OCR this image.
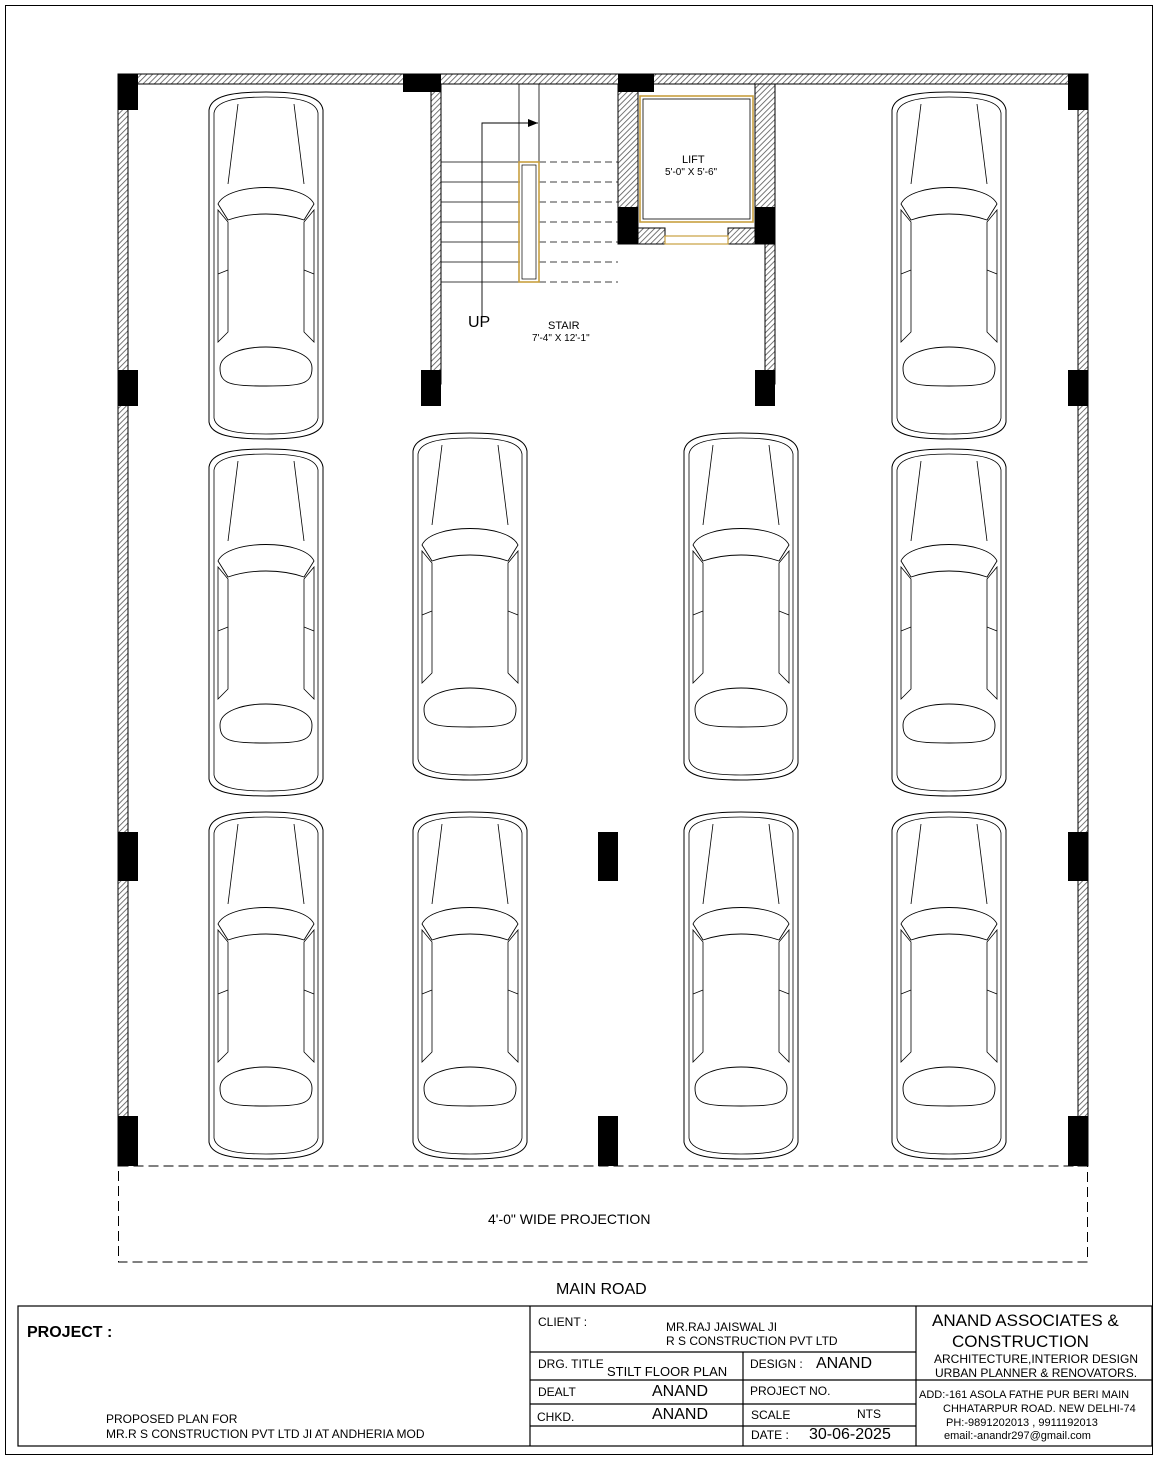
UP	STAIR
7'-4" X 12'-1"
LIFT
5'-0" X 5'-6"
4'-0" WIDE PROJECTION
MAIN ROAD
PROJECT :
PROPOSED PLAN FOR
MR.R S CONSTRUCTION PVT LTD JI AT ANDHERIA MOD
CLIENT :	MR.RAJ JAISWAL JI
R S CONSTRUCTION PVT LTD
DRG. TITLE STILT FLOOR PLAN DESIGN : ANAND
DEALT	ANAND	PROJECT NO.
CHKD.	ANAND	SCALE	NTS
DATE : 30-06-2025
ANAND ASSOCIATES &
CONSTRUCTION
ARCHITECTURE,INTERIOR DESIGN
URBAN PLANNER & RENOVATORS.
ADD:-161 ASOLA FATHE PUR BERI MAIN
CHHATARPUR ROAD. NEW DELHI-74
PH:-9891202013 , 9911192013
email:-anandr297@gmail.com
